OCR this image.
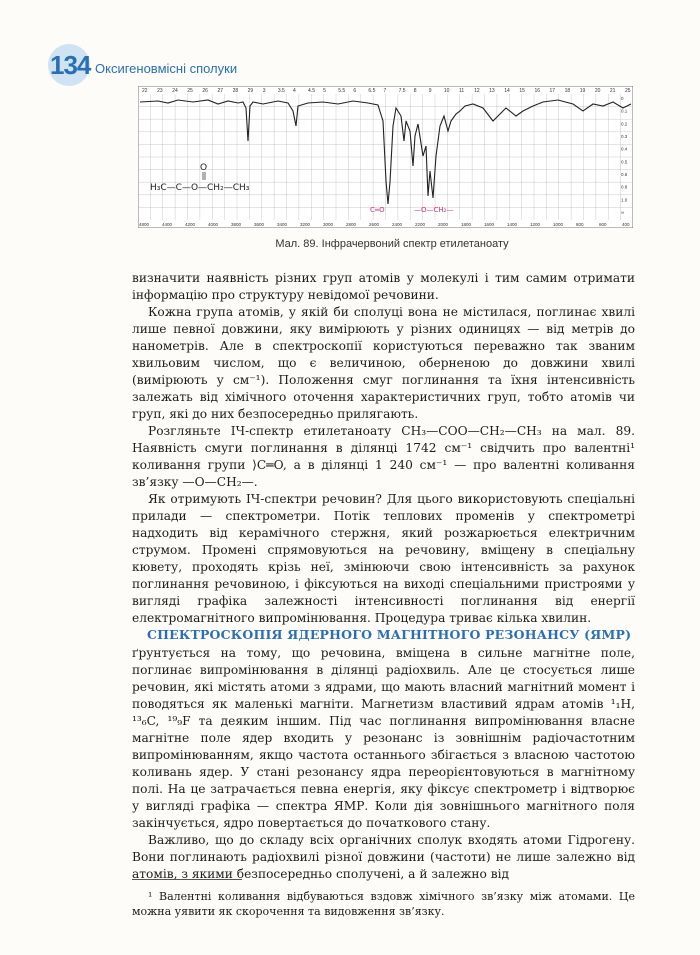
134 Оксигеновмісні сполуки
22 23 24 25 26 27 28 29 3 3.5 4 4.5 5 5.5 6 6.5 7 7.5 8 9 10 11 12 13 14 15 16 17 18 19 20 21 25
4800	4400	4200	4000	3800	3600	3400	3200	3000	2800	2600	2400	2200	2000	1800	1600	1400	1200	1000	800	600	400
0
0.1
0.2
0.3
0.4
0.5
0.6
0.8
1.0
∞
O
H₃C—C—O—CH₂—CH₃
C═O	—O—CH₂—
Мал. 89. Інфрачервоний спектр етилетаноату

визначити наявність різних груп атомів у молекулі і тим самим отримати інформацію про структуру невідомої речовини.

Кожна група атомів, у якій би сполуці вона не містилася, поглинає хвилі лише певної довжини, яку вимірюють у різних одиницях — від метрів до нанометрів. Але в спектроскопії користуються переважно так званим хвильовим числом, що є величиною, оберненою до довжини хвилі (вимірюють у см⁻¹). Положення смуг поглинання та їхня інтенсивність залежать від хімічного оточення характеристичних груп, тобто атомів чи груп, які до них безпосередньо прилягають.

Розгляньте ІЧ-спектр етилетаноату CH₃—COO—CH₂—CH₃ на мал. 89. Наявність смуги поглинання в ділянці 1742 см⁻¹ свідчить про валентні¹ коливання групи ⟩C═O, а в ділянці 1 240 см⁻¹ — про валентні коливання зв’язку —O—CH₂—.

Як отримують ІЧ-спектри речовин? Для цього використовують спеціальні прилади — спектрометри. Потік теплових променів у спектрометрі надходить від керамічного стержня, який розжарюється електричним струмом. Промені спрямовуються на речовину, вміщену в спеціальну кювету, проходять крізь неї, змінюючи свою інтенсивність за рахунок поглинання речовиною, і фіксуються на виході спеціальними пристроями у вигляді графіка залежності інтенсивності поглинання від енергії електромагнітного випромінювання. Процедура триває кілька хвилин.

СПЕКТРОСКОПІЯ ЯДЕРНОГО МАГНІТНОГО РЕЗОНАНСУ (ЯМР)

ґрунтується на тому, що речовина, вміщена в сильне магнітне поле, поглинає випромінювання в ділянці радіохвиль. Але це стосується лише речовин, які містять атоми з ядрами, що мають власний магнітний момент і поводяться як маленькі магніти. Магнетизм властивий ядрам атомів ¹₁H, ¹³₆C, ¹⁹₉F та деяким іншим. Під час поглинання випромінювання власне магнітне поле ядер входить у резонанс із зовнішнім радіочастотним випромінюванням, якщо частота останнього збігається з власною частотою коливань ядер. У стані резонансу ядра переорієнтовуються в магнітному полі. На це затрачається певна енергія, яку фіксує спектрометр і відтворює у вигляді графіка — спектра ЯМР. Коли дія зовнішнього магнітного поля закінчується, ядро повертається до початкового стану.

Важливо, що до складу всіх органічних сполук входять атоми Гідрогену. Вони поглинають радіохвилі різної довжини (частоти) не лише залежно від атомів, з якими безпосередньо сполучені, а й залежно від

¹ Валентні коливання відбуваються вздовж хімічного зв’язку між атомами. Це можна уявити як скорочення та видовження зв’язку.
